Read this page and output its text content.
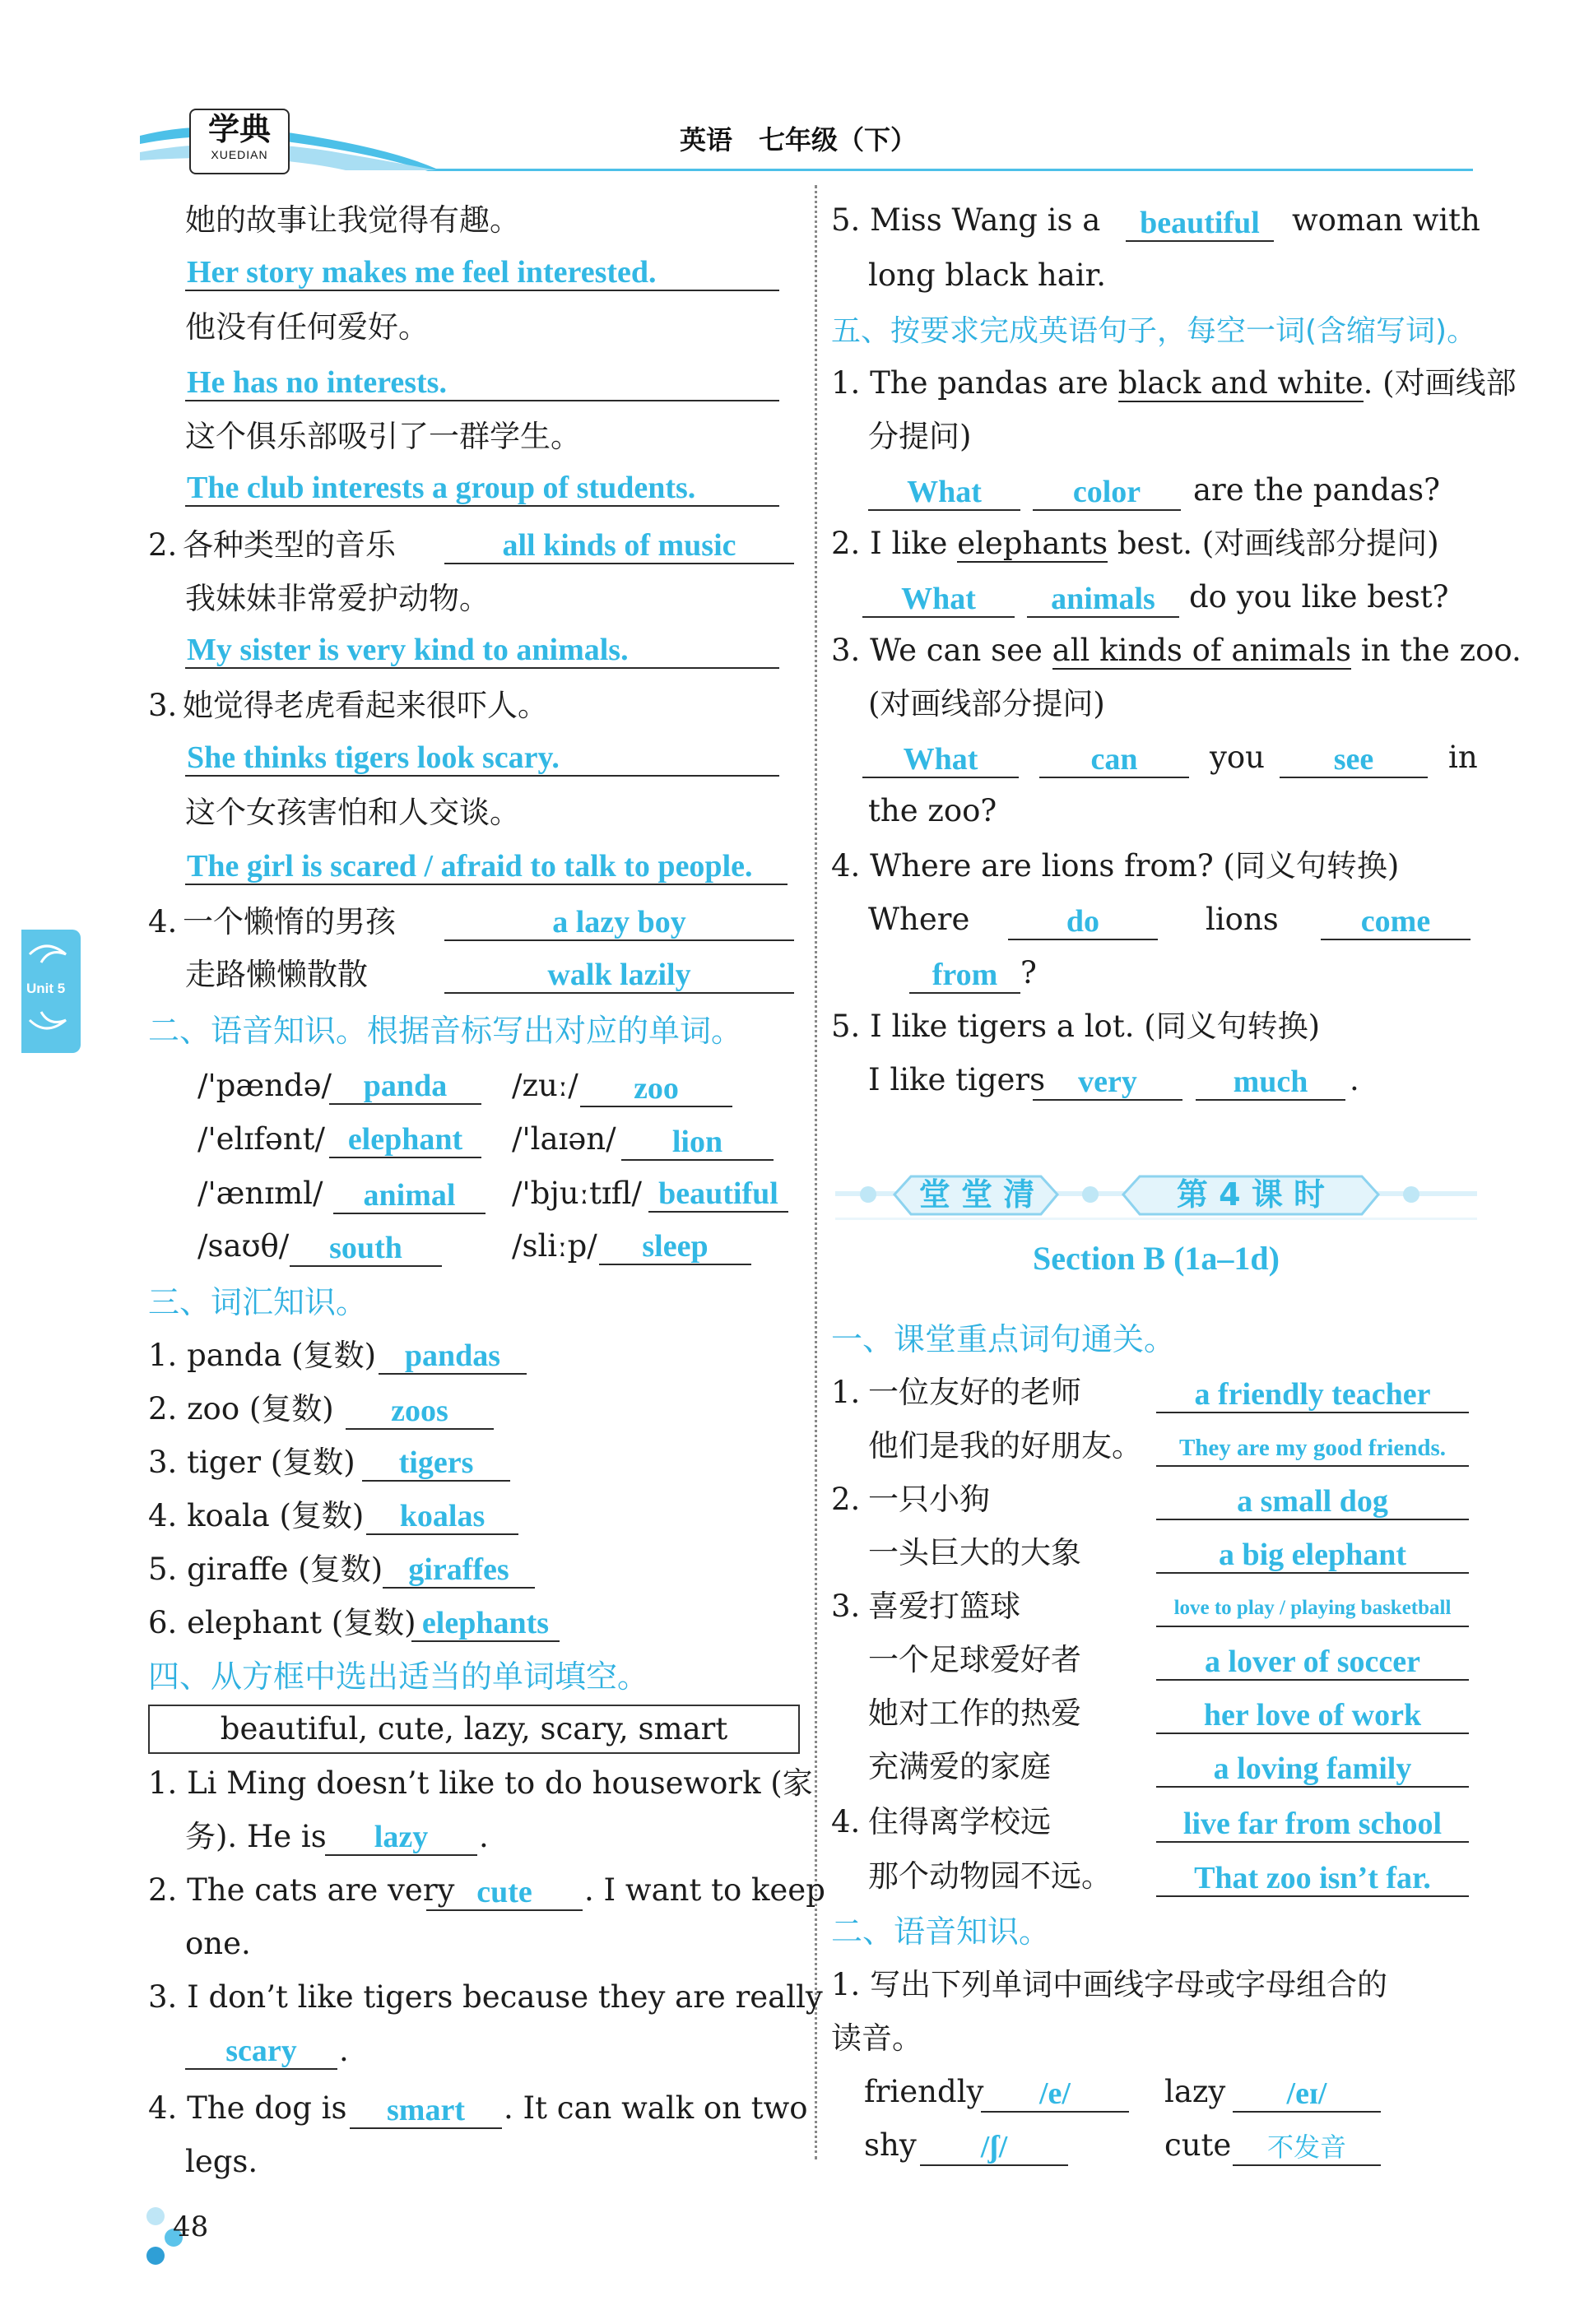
学典
XUEDIAN	英语　七年级（下）
Unit 5
她的故事让我觉得有趣。
Her story makes me feel interested.
他没有任何爱好。
He has no interests.
这个俱乐部吸引了一群学生。
The club interests a group of students.
2. 各种类型的音乐	all kinds of music
我妹妹非常爱护动物。
My sister is very kind to animals.
3. 她觉得老虎看起来很吓人。
She thinks tigers look scary.
这个女孩害怕和人交谈。
The girl is scared / afraid to talk to people.
4. 一个懒惰的男孩	a lazy boy
走路懒懒散散	walk lazily
二、语音知识。根据音标写出对应的单词。
/'pændə/	panda	/zuː/	zoo
/'elɪfənt/ elephant	/'laɪən/	lion
/'ænɪml/	animal	/'bjuːtɪfl/ beautiful
/saʊθ/	south	/sliːp/	sleep
三、词汇知识。
1. panda (复数) pandas
2. zoo (复数)	zoos
3. tiger (复数)	tigers
4. koala (复数)	koalas
5. giraffe (复数) giraffes
6. elephant (复数) elephants
四、从方框中选出适当的单词填空。
beautiful, cute, lazy, scary, smart
1. Li Ming doesn’t like to do housework (家
务). He is	lazy	.
2. The cats are very cute	. I want to keep
one.
3. I don’t like tigers because they are really
scary	.
4. The dog is	smart	. It can walk on two
legs.
5. Miss Wang is a	beautiful	woman with
long black hair.
五、按要求完成英语句子，每空一词(含缩写词)。
1. The pandas are black and white. (对画线部
分提问)
What	color	are the pandas?
2. I like elephants best. (对画线部分提问)
What	animals	do you like best?
3. We can see all kinds of animals in the zoo.
(对画线部分提问)
What	can	you	see	in
the zoo?
4. Where are lions from? (同义句转换)
Where	do	lions	come
from ?
5. I like tigers a lot. (同义句转换)
I like tigers	very	much	.
堂 堂 清	第 4 课 时
Section B (1a–1d)
一、课堂重点词句通关。
1. 一位友好的老师	a friendly teacher
他们是我的好朋友。	They are my good friends.
2. 一只小狗	a small dog
一头巨大的大象	a big elephant
3. 喜爱打篮球	love to play / playing basketball
一个足球爱好者	a lover of soccer
她对工作的热爱	her love of work
充满爱的家庭	a loving family
4. 住得离学校远	live far from school
那个动物园不远。	That zoo isn’t far.
二、语音知识。
1. 写出下列单词中画线字母或字母组合的
读音。
friendly	/e/	lazy	/eɪ/
shy	/ʃ/	cute	不发音
48
